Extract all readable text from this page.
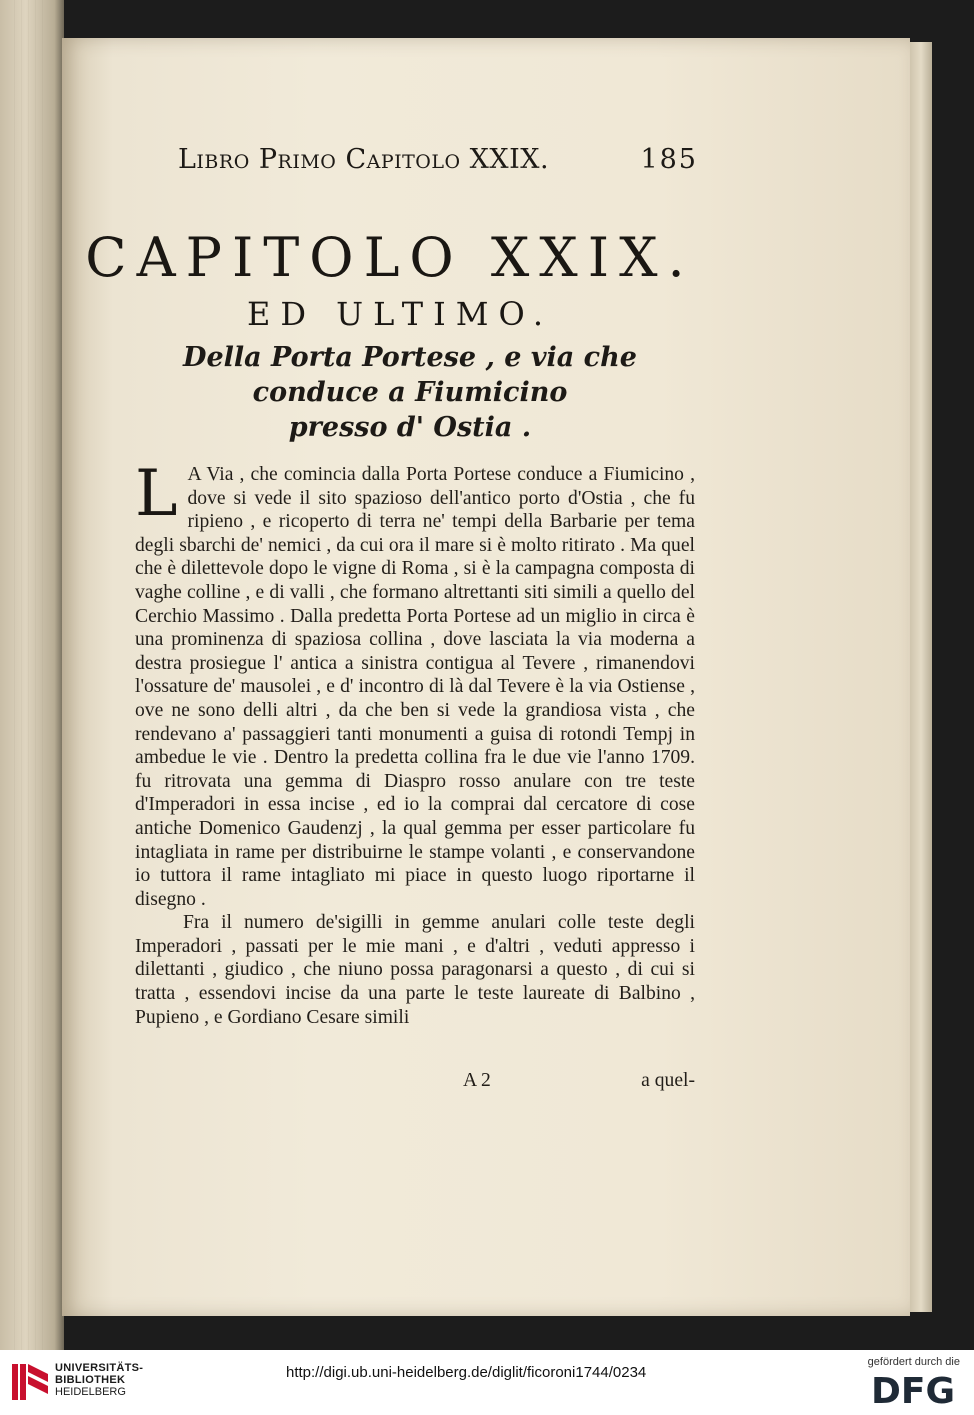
Libro Primo Capitolo XXIX.	185
CAPITOLO XXIX.
ED ULTIMO.
Della Porta Portese , e via che
conduce a Fiumicino
presso d' Ostia .

L A Via , che comincia dalla Porta Portese conduce a Fiumicino , dove si vede il sito spazioso dell'antico porto d'Ostia , che fu ripieno , e ricoperto di terra ne' tempi della Barbarie per tema degli sbarchi de' nemici , da cui ora il mare si è molto ritirato . Ma quel che è dilettevole dopo le vigne di Roma , si è la campagna composta di vaghe colline , e di valli , che formano altrettanti siti simili a quello del Cerchio Massimo . Dalla predetta Porta Portese ad un miglio in circa è una prominenza di spaziosa collina , dove lasciata la via moderna a destra prosiegue l' antica a sinistra contigua al Tevere , rimanendovi l'ossature de' mausolei , e d' incontro di là dal Tevere è la via Ostiense , ove ne sono delli altri , da che ben si vede la grandiosa vista , che rendevano a' passaggieri tanti monumenti a guisa di rotondi Tempj in ambedue le vie . Dentro la predetta collina fra le due vie l'anno 1709. fu ritrovata una gemma di Diaspro rosso anulare con tre teste d'Imperadori in essa incise , ed io la comprai dal cercatore di cose antiche Domenico Gaudenzj , la qual gemma per esser particolare fu intagliata in rame per distribuirne le stampe volanti , e conservandone io tuttora il rame intagliato mi piace in questo luogo riportarne il disegno .

Fra il numero de'sigilli in gemme anulari colle teste degli Imperadori , passati per le mie mani , e d'altri , veduti appresso i dilettanti , giudico , che niuno possa paragonarsi a questo , di cui si tratta , essendovi incise da una parte le teste laureate di Balbino , Pupieno , e Gordiano Cesare simili

A 2	a quel-
UNIVERSITÄTS-
BIBLIOTHEK
HEIDELBERG
http://digi.ub.uni-heidelberg.de/diglit/ficoroni1744/0234
gefördert durch die
DFG
